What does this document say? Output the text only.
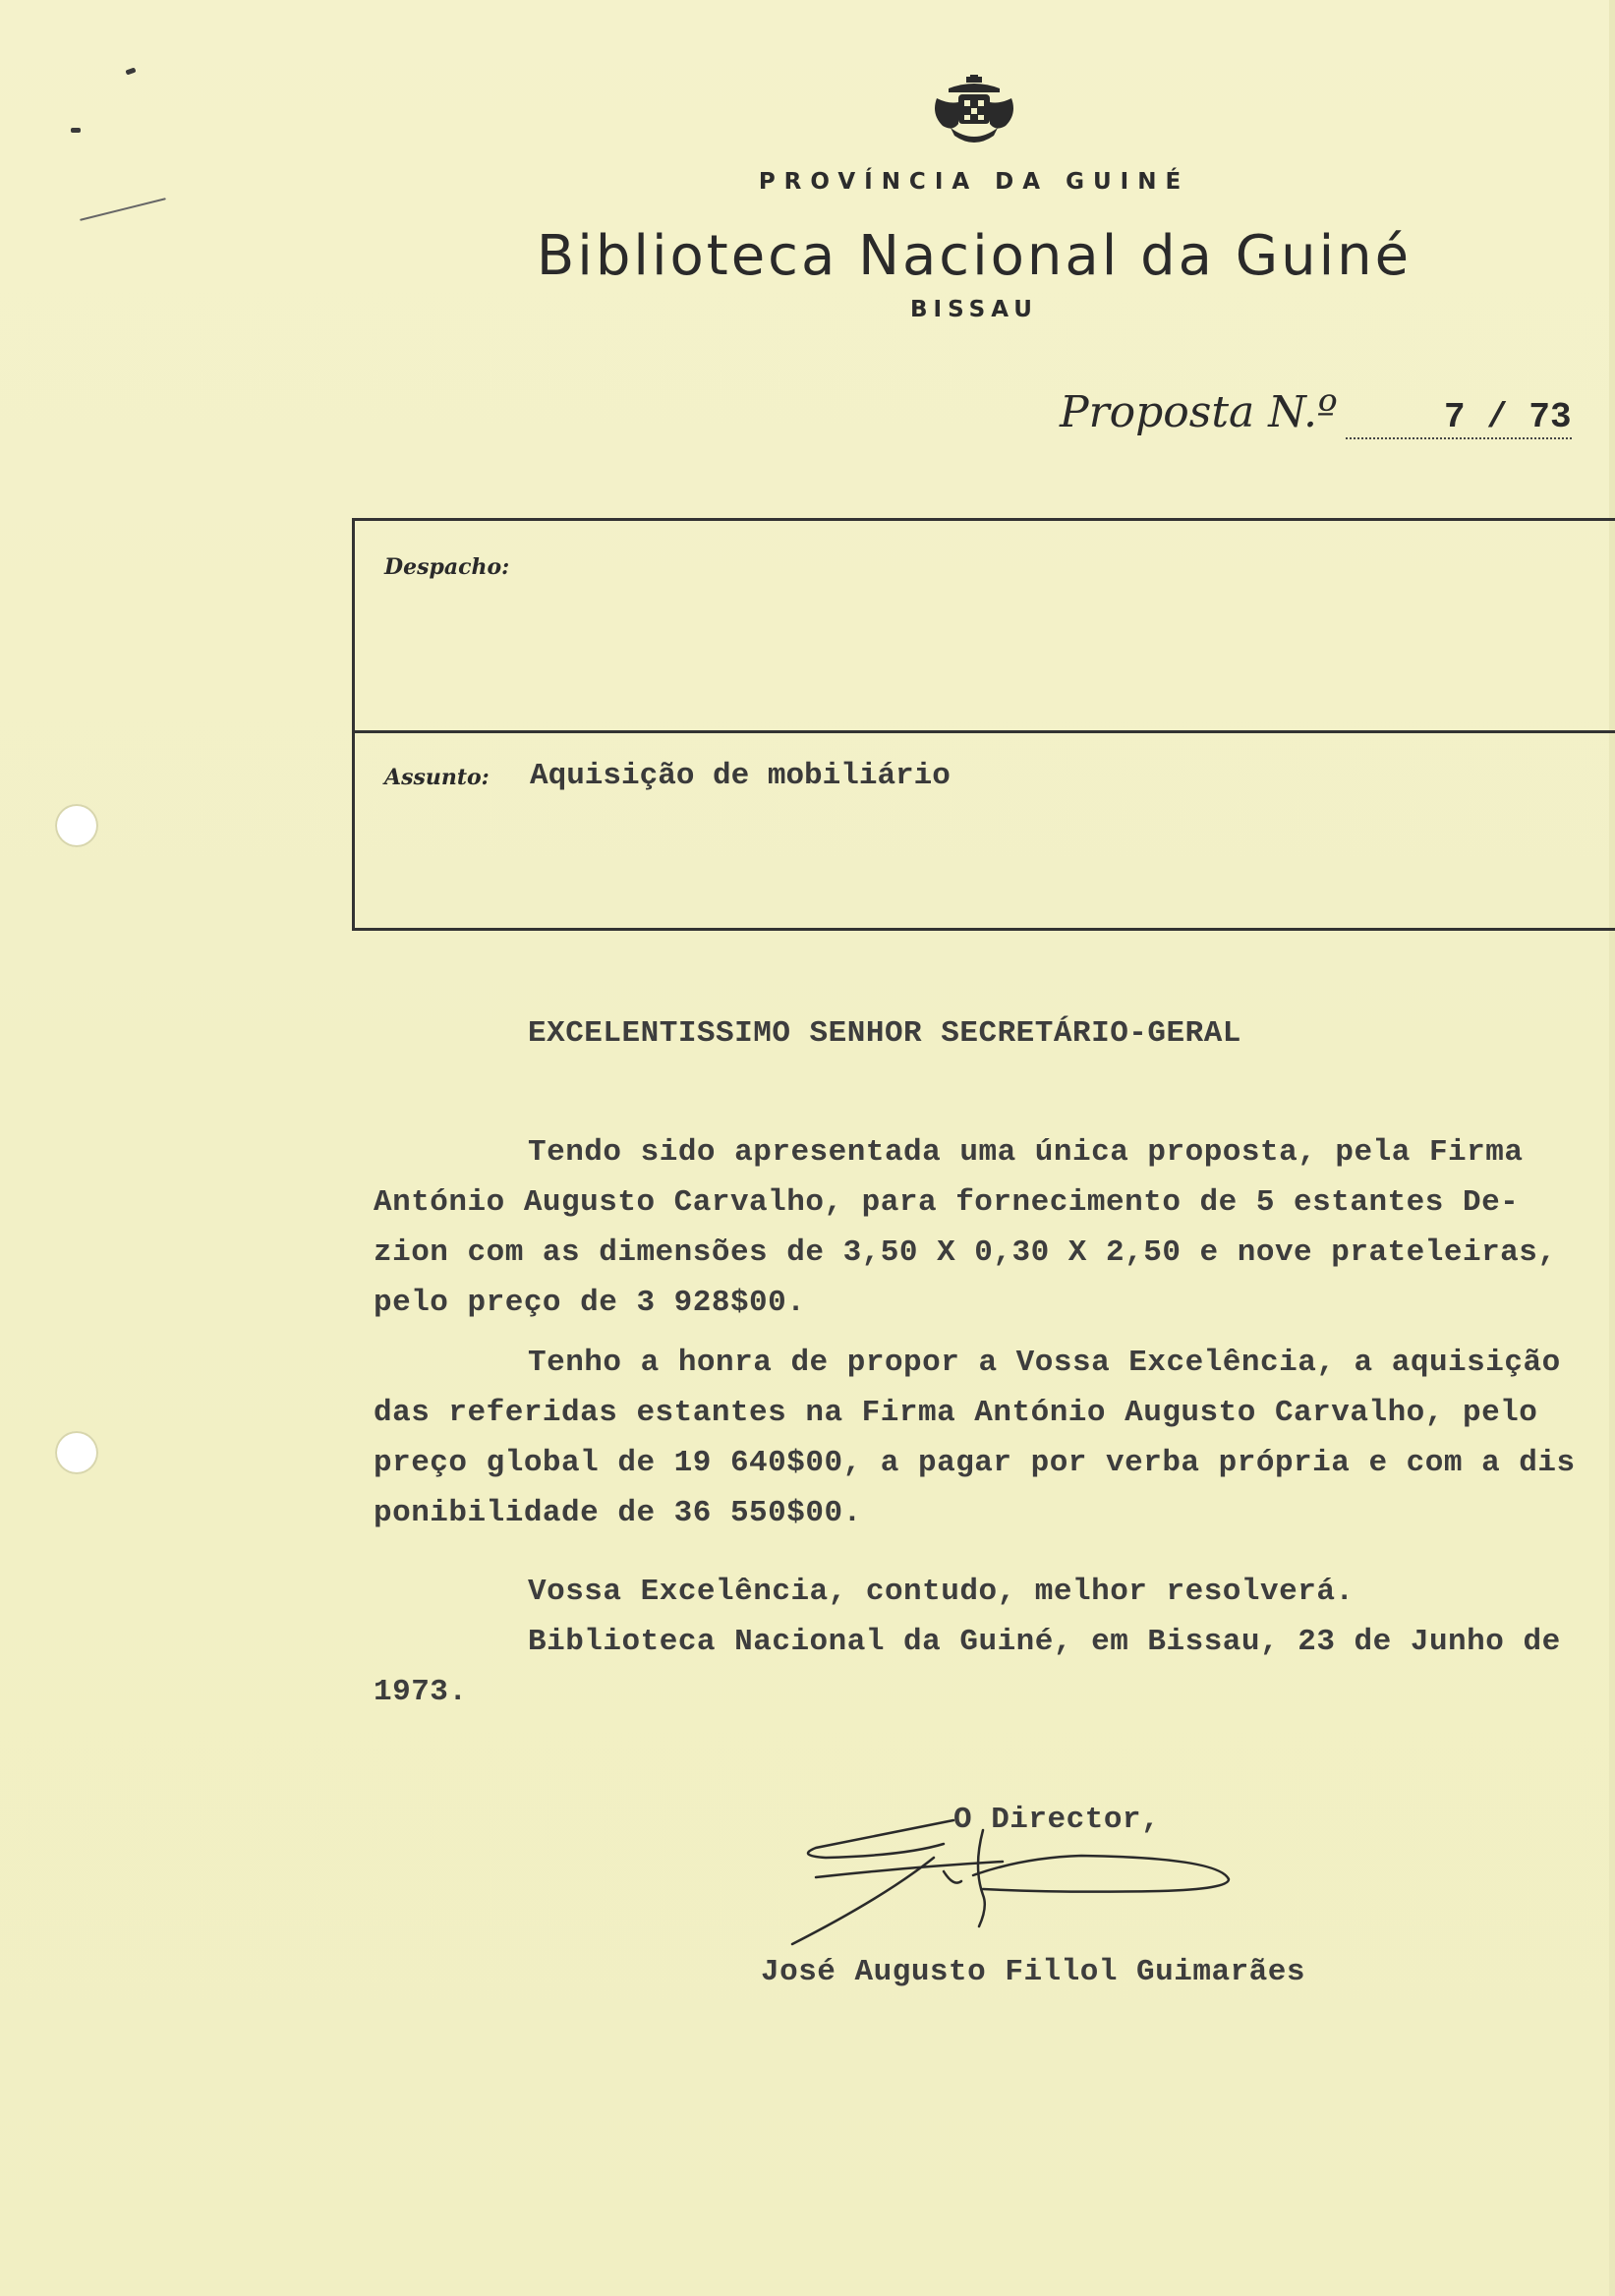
PROVÍNCIA DA GUINÉ
Biblioteca Nacional da Guiné
BISSAU
Proposta N.º	7 / 73
Despacho:
Assunto: Aquisição de mobiliário
EXCELENTISSIMO SENHOR SECRETÁRIO-GERAL
Tendo sido apresentada uma única proposta, pela Firma
António Augusto Carvalho, para fornecimento de 5 estantes De-
zion com as dimensões de 3,50 X 0,30 X 2,50 e nove prateleiras,
pelo preço de 3 928$00.
Tenho a honra de propor a Vossa Excelência, a aquisição
das referidas estantes na Firma António Augusto Carvalho, pelo
preço global de 19 640$00, a pagar por verba própria e com a dis
ponibilidade de 36 550$00.
Vossa Excelência, contudo, melhor resolverá.
Biblioteca Nacional da Guiné, em Bissau, 23 de Junho de
1973.
O Director,
José Augusto Fillol Guimarães
